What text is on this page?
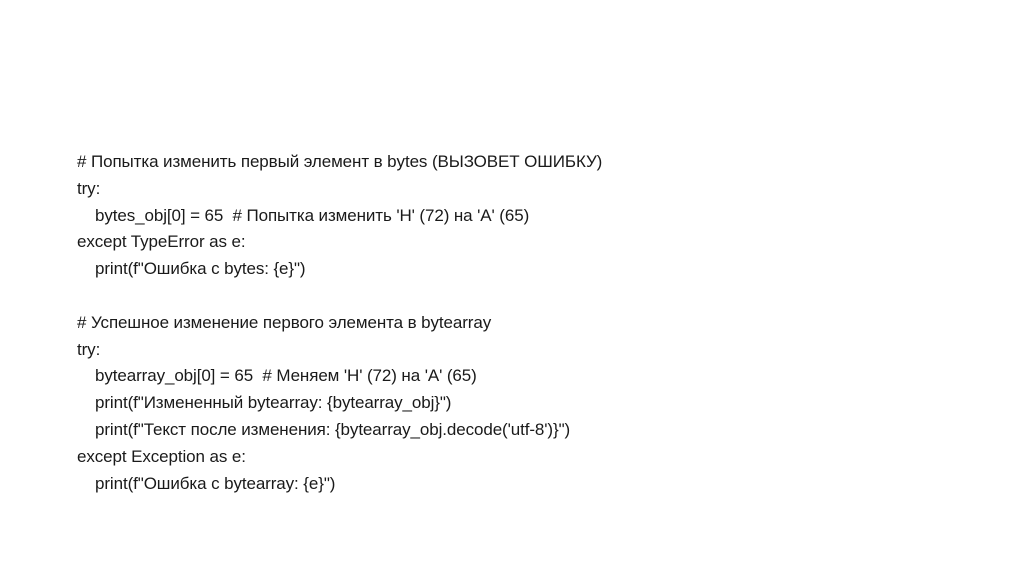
# Попытка изменить первый элемент в bytes (ВЫЗОВЕТ ОШИБКУ)
try:
bytes_obj[0] = 65  # Попытка изменить 'H' (72) на 'A' (65)
except TypeError as e:
print(f"Ошибка с bytes: {e}")
# Успешное изменение первого элемента в bytearray
try:
bytearray_obj[0] = 65  # Меняем 'H' (72) на 'A' (65)
print(f"Измененный bytearray: {bytearray_obj}")
print(f"Текст после изменения: {bytearray_obj.decode('utf-8')}")
except Exception as e:
print(f"Ошибка с bytearray: {e}")
